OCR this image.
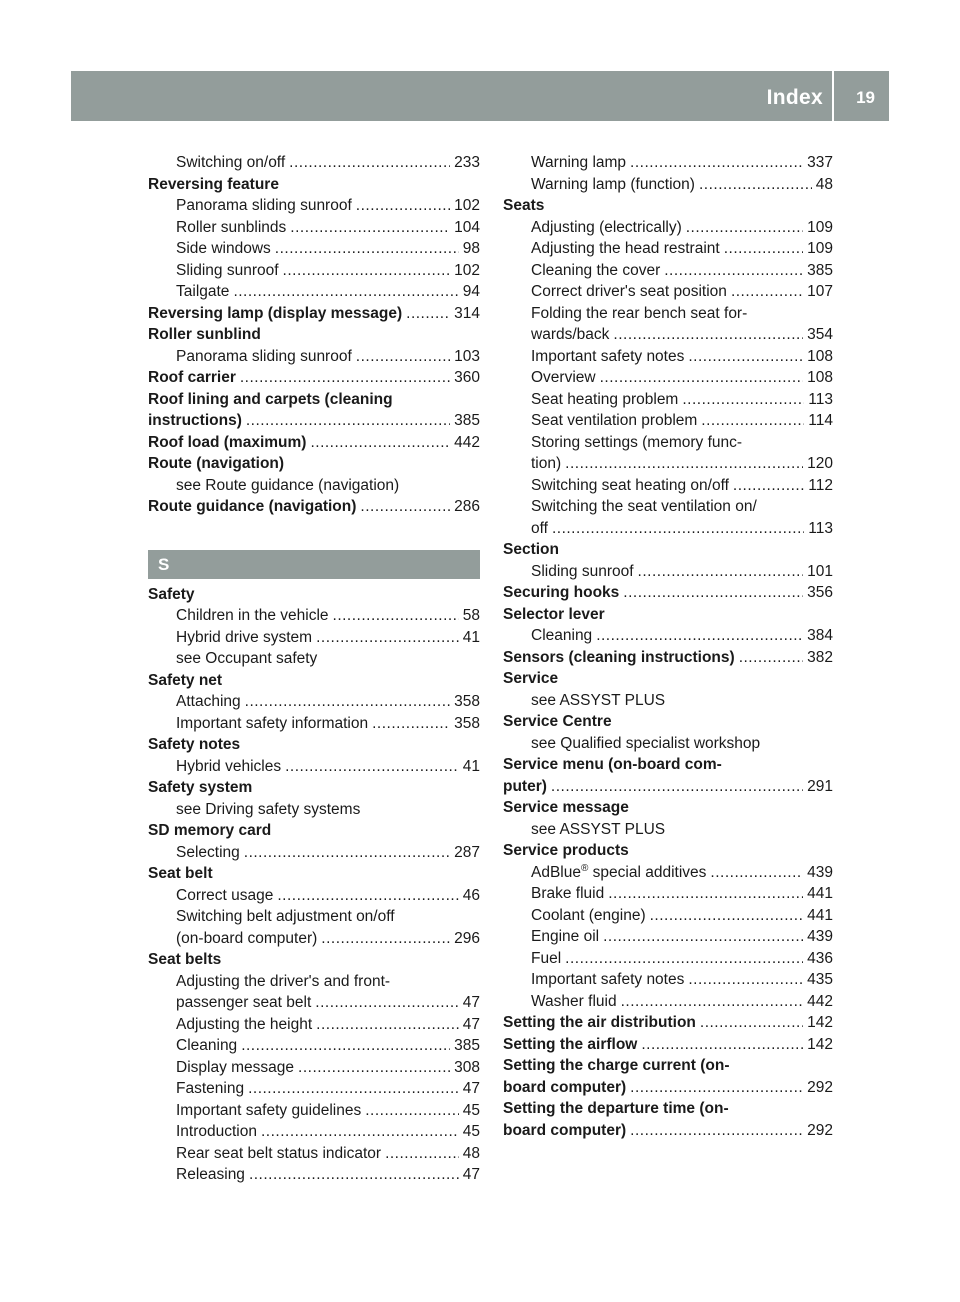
Index 19
Switching on/off .....	233
Reversing feature
Panorama sliding sunroof .....	102
Roller sunblinds .....	104
Side windows .....	98
Sliding sunroof .....	102
Tailgate .....	94
Reversing lamp (display message) .....	314
Roller sunblind
Panorama sliding sunroof .....	103
Roof carrier .....	360
Roof lining and carpets (cleaning
instructions) .....	385
Roof load (maximum) .....	442
Route (navigation)
see Route guidance (navigation)
Route guidance (navigation) .....	286
S
Safety
Children in the vehicle .....	58
Hybrid drive system .....	41
see Occupant safety
Safety net
Attaching .....	358
Important safety information .....	358
Safety notes
Hybrid vehicles .....	41
Safety system
see Driving safety systems
SD memory card
Selecting .....	287
Seat belt
Correct usage .....	46
Switching belt adjustment on/off
(on-board computer) .....	296
Seat belts
Adjusting the driver's and front-
passenger seat belt .....	47
Adjusting the height .....	47
Cleaning .....	385
Display message .....	308
Fastening .....	47
Important safety guidelines .....	45
Introduction .....	45
Rear seat belt status indicator .....	48
Releasing .....	47
Warning lamp .....	337
Warning lamp (function) .....	48
Seats
Adjusting (electrically) .....	109
Adjusting the head restraint .....	109
Cleaning the cover .....	385
Correct driver's seat position .....	107
Folding the rear bench seat for-
wards/back .....	354
Important safety notes .....	108
Overview .....	108
Seat heating problem .....	113
Seat ventilation problem .....	114
Storing settings (memory func-
tion) .....	120
Switching seat heating on/off .....	112
Switching the seat ventilation on/
off .....	113
Section
Sliding sunroof .....	101
Securing hooks .....	356
Selector lever
Cleaning .....	384
Sensors (cleaning instructions) .....	382
Service
see ASSYST PLUS
Service Centre
see Qualified specialist workshop
Service menu (on-board com-
puter) .....	291
Service message
see ASSYST PLUS
Service products
AdBlue® special additives .....	439
Brake fluid .....	441
Coolant (engine) .....	441
Engine oil .....	439
Fuel .....	436
Important safety notes .....	435
Washer fluid .....	442
Setting the air distribution .....	142
Setting the airflow .....	142
Setting the charge current (on-
board computer) .....	292
Setting the departure time (on-
board computer) .....	292
